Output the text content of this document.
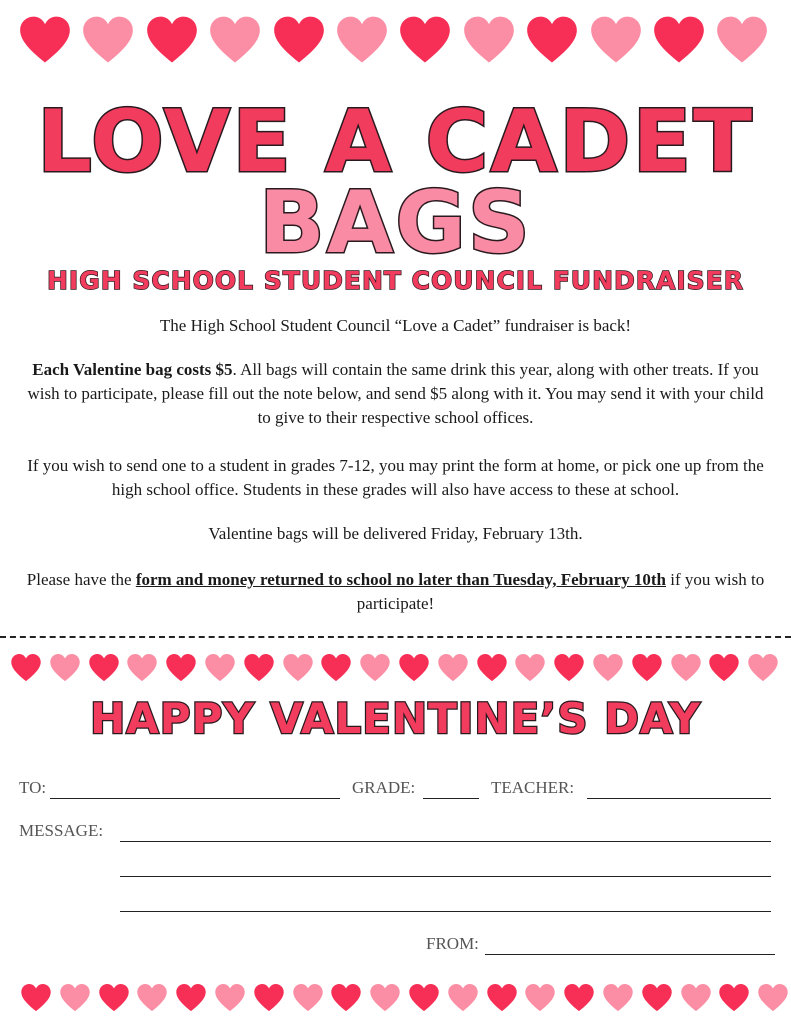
LOVE A CADET
BAGS
HIGH SCHOOL STUDENT COUNCIL FUNDRAISER

The High School Student Council “Love a Cadet” fundraiser is back!

Each Valentine bag costs $5. All bags will contain the same drink this year, along with other treats. If you wish to participate, please fill out the note below, and send $5 along with it. You may send it with your child to give to their respective school offices.

If you wish to send one to a student in grades 7-12, you may print the form at home, or pick one up from the high school office. Students in these grades will also have access to these at school.

Valentine bags will be delivered Friday, February 13th.

Please have the form and money returned to school no later than Tuesday, February 10th if you wish to participate!

HAPPY VALENTINE’S DAY
TO:	GRADE:	TEACHER:
MESSAGE:
FROM:
